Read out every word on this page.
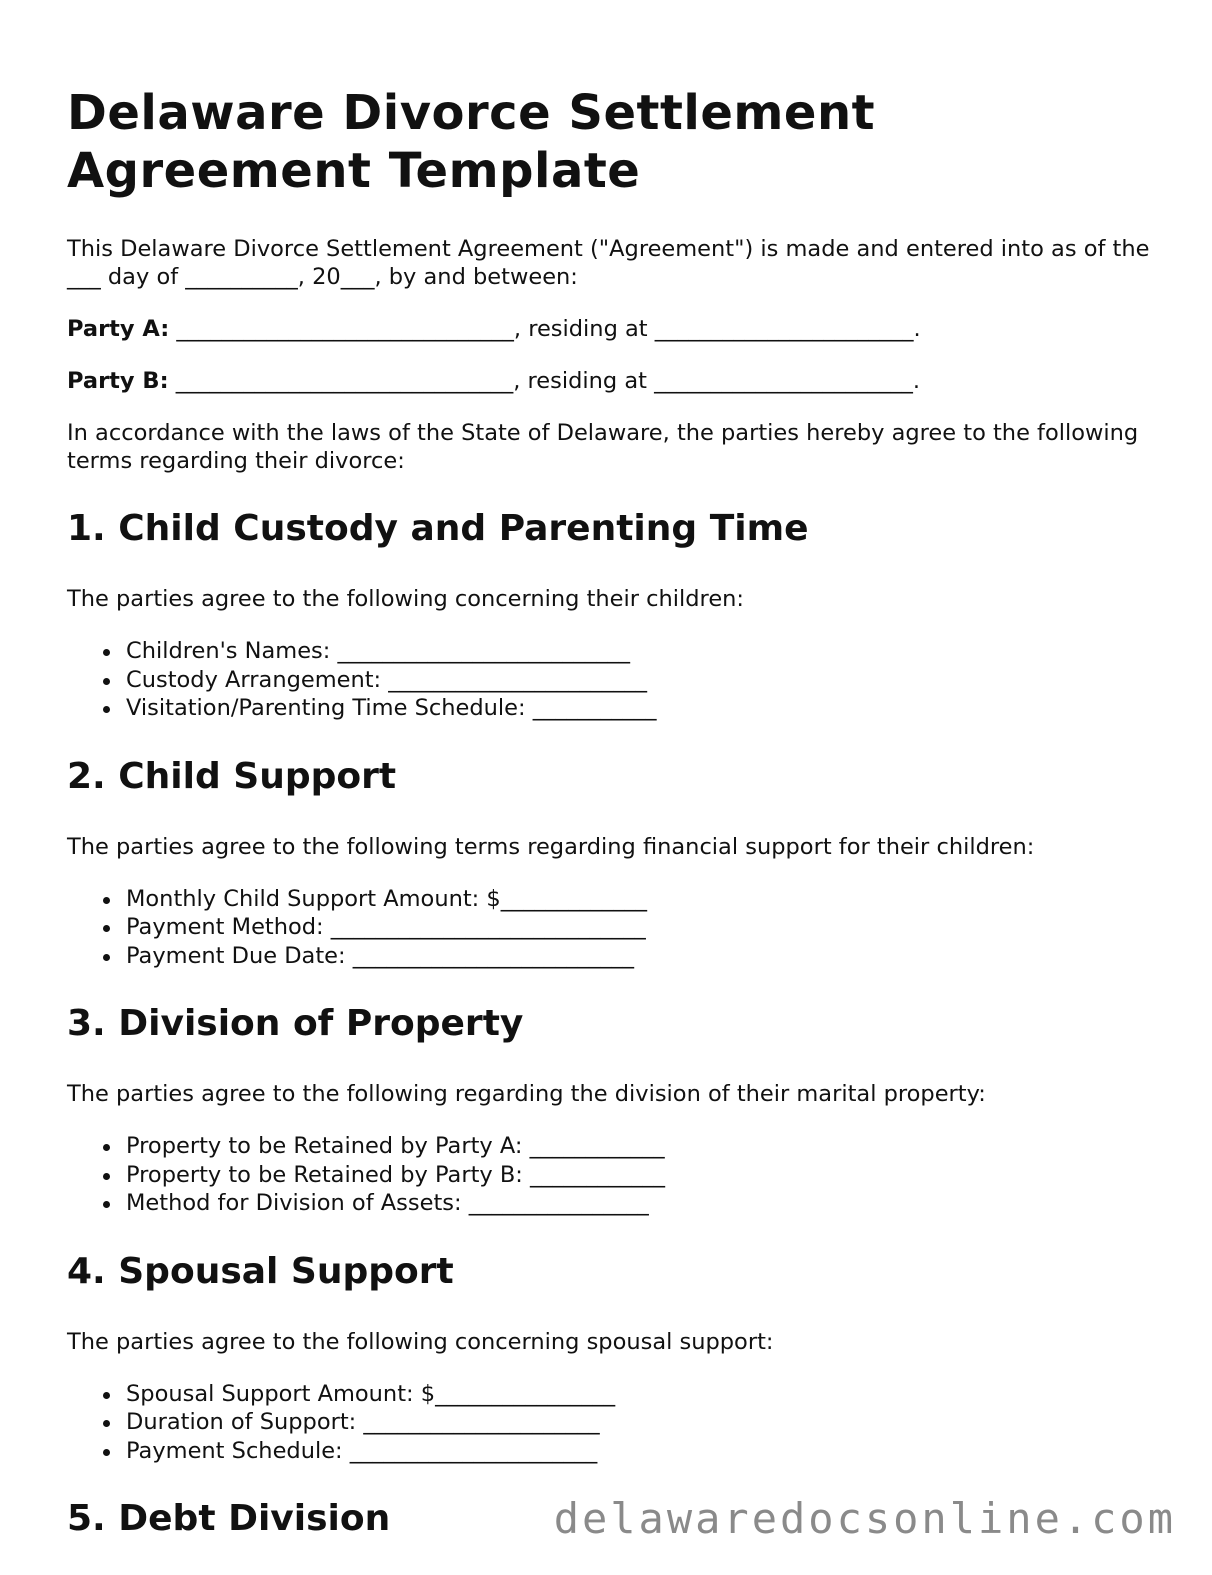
Delaware Divorce Settlement Agreement Template

This Delaware Divorce Settlement Agreement ("Agreement") is made and entered into as of the ___ day of __________, 20___, by and between:

Party A: ______________________________, residing at _______________________.

Party B: ______________________________, residing at _______________________.

In accordance with the laws of the State of Delaware, the parties hereby agree to the following terms regarding their divorce:

1. Child Custody and Parenting Time

The parties agree to the following concerning their children:

Children's Names: __________________________
Custody Arrangement: _______________________
Visitation/Parenting Time Schedule: ___________
2. Child Support

The parties agree to the following terms regarding financial support for their children:

Monthly Child Support Amount: $_____________
Payment Method: ____________________________
Payment Due Date: _________________________
3. Division of Property

The parties agree to the following regarding the division of their marital property:

Property to be Retained by Party A: ____________
Property to be Retained by Party B: ____________
Method for Division of Assets: ________________
4. Spousal Support

The parties agree to the following concerning spousal support:

Spousal Support Amount: $________________
Duration of Support: _____________________
Payment Schedule: ______________________
5. Debt Division	delawaredocsonline.com
